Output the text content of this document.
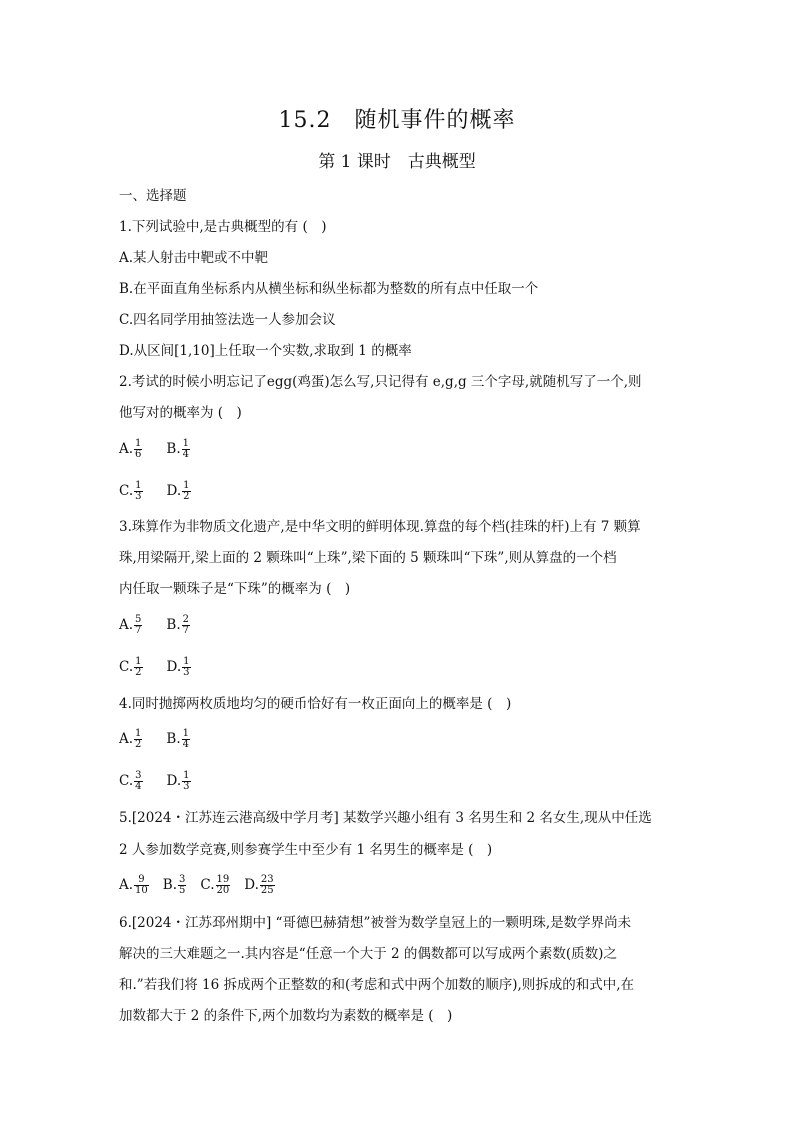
15.2　随机事件的概率
第 1 课时　古典概型
一、选择题
1.下列试验中,是古典概型的有 (　)
A.某人射击中靶或不中靶
B.在平面直角坐标系内从横坐标和纵坐标都为整数的所有点中任取一个
C.四名同学用抽签法选一人参加会议
D.从区间[1,10]上任取一个实数,求取到 1 的概率
2.考试的时候小明忘记了egg(鸡蛋)怎么写,只记得有 e,g,g 三个字母,就随机写了一个,则
他写对的概率为 (　)
A. $\frac{1}{6} B$. $\frac{1}{4}$
C. $\frac{1}{3} D$. $\frac{1}{2}$
3.珠算作为非物质文化遗产,是中华文明的鲜明体现.算盘的每个档(挂珠的杆)上有 7 颗算
珠,用梁隔开,梁上面的 2 颗珠叫“上珠”,梁下面的 5 颗珠叫“下珠”,则从算盘的一个档
内任取一颗珠子是“下珠”的概率为 (　)
A. $\frac{5}{7} B$. $\frac{2}{7}$
C. $\frac{1}{2} D$. $\frac{1}{3}$
4.同时抛掷两枚质地均匀的硬币恰好有一枚正面向上的概率是 (　)
A. $\frac{1}{2} B$. $\frac{1}{4}$
C. $\frac{3}{4} D$. $\frac{1}{3}$
5.[2024・江苏连云港高级中学月考] 某数学兴趣小组有 3 名男生和 2 名女生,现从中任选
2 人参加数学竞赛,则参赛学生中至少有 1 名男生的概率是 (　)
A. $\frac{9}{10} B$. $\frac{3}{5} C$. $\frac{19}{20} D$. $\frac{23}{25}$
6.[2024・江苏邳州期中] “哥德巴赫猜想”被誉为数学皇冠上的一颗明珠,是数学界尚未
解决的三大难题之一.其内容是“任意一个大于 2 的偶数都可以写成两个素数(质数)之
和.”若我们将 16 拆成两个正整数的和(考虑和式中两个加数的顺序),则拆成的和式中,在
加数都大于 2 的条件下,两个加数均为素数的概率是 (　)
